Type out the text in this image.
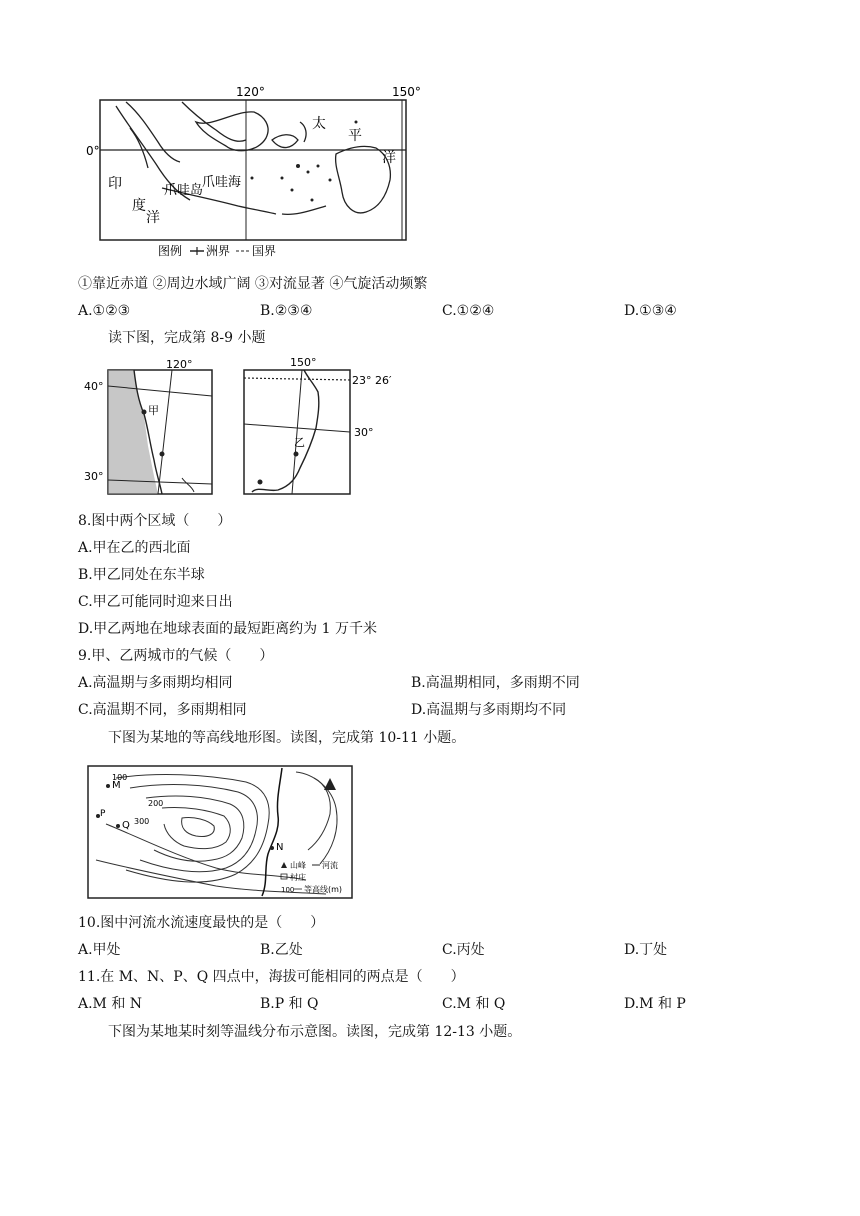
120°	150°
0°
太
平
洋
印
度
洋
爪哇海
爪哇岛
图例 洲界 国界
①靠近赤道 ②周边水域广阔 ③对流显著 ④气旋活动频繁
A.①②③	B.②③④	C.①②④	D.①③④
读下图，完成第 8-9 小题
120°
40°
30°
甲
150°
23° 26′
30°
乙
8.图中两个区域（　　）
A.甲在乙的西北面
B.甲乙同处在东半球
C.甲乙可能同时迎来日出
D.甲乙两地在地球表面的最短距离约为 1 万千米
9.甲、乙两城市的气候（　　）
A.高温期与多雨期均相同	B.高温期相同，多雨期不同
C.高温期不同，多雨期相同	D.高温期与多雨期均不同
下图为某地的等高线地形图。读图，完成第 10-11 小题。
M
Q
P
N
100
200
300
山峰 河流
村庄
100 等高线(m)
10.图中河流水流速度最快的是（　　）
A.甲处	B.乙处	C.丙处	D.丁处
11.在 M、N、P、Q 四点中，海拔可能相同的两点是（　　）
A.M 和 N	B.P 和 Q	C.M 和 Q	D.M 和 P
下图为某地某时刻等温线分布示意图。读图，完成第 12-13 小题。
